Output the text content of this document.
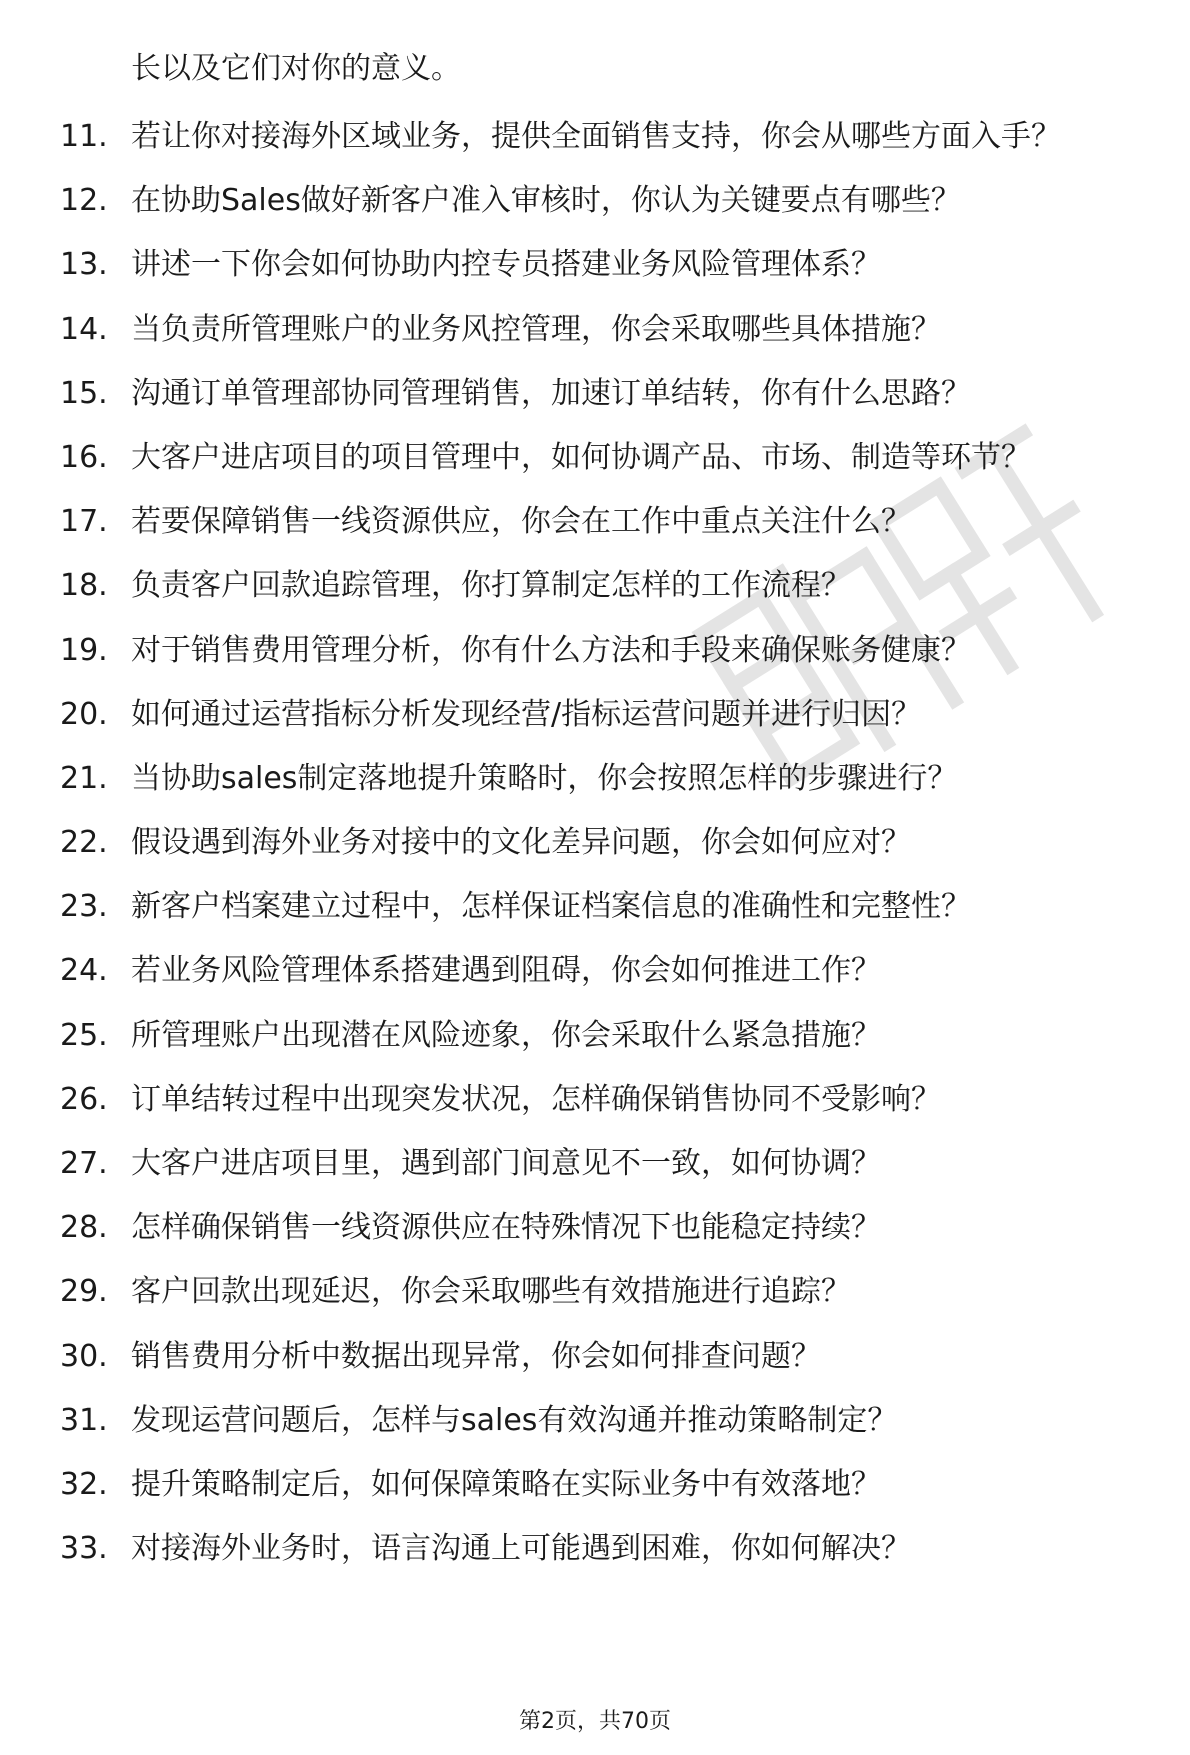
长以及它们对你的意义。
11. 若让你对接海外区域业务，提供全面销售支持，你会从哪些方面入手？
12. 在协助Sales做好新客户准入审核时，你认为关键要点有哪些？
13. 讲述一下你会如何协助内控专员搭建业务风险管理体系？
14. 当负责所管理账户的业务风控管理，你会采取哪些具体措施？
15. 沟通订单管理部协同管理销售，加速订单结转，你有什么思路？
16. 大客户进店项目的项目管理中，如何协调产品、市场、制造等环节？
17. 若要保障销售一线资源供应，你会在工作中重点关注什么？
18. 负责客户回款追踪管理，你打算制定怎样的工作流程？
19. 对于销售费用管理分析，你有什么方法和手段来确保账务健康？
20. 如何通过运营指标分析发现经营/指标运营问题并进行归因？
21. 当协助sales制定落地提升策略时，你会按照怎样的步骤进行？
22. 假设遇到海外业务对接中的文化差异问题，你会如何应对？
23. 新客户档案建立过程中，怎样保证档案信息的准确性和完整性？
24. 若业务风险管理体系搭建遇到阻碍，你会如何推进工作？
25. 所管理账户出现潜在风险迹象，你会采取什么紧急措施？
26. 订单结转过程中出现突发状况，怎样确保销售协同不受影响？
27. 大客户进店项目里，遇到部门间意见不一致，如何协调？
28. 怎样确保销售一线资源供应在特殊情况下也能稳定持续？
29. 客户回款出现延迟，你会采取哪些有效措施进行追踪？
30. 销售费用分析中数据出现异常，你会如何排查问题？
31. 发现运营问题后，怎样与sales有效沟通并推动策略制定？
32. 提升策略制定后，如何保障策略在实际业务中有效落地？
33. 对接海外业务时，语言沟通上可能遇到困难，你如何解决？
第2页，共70页
